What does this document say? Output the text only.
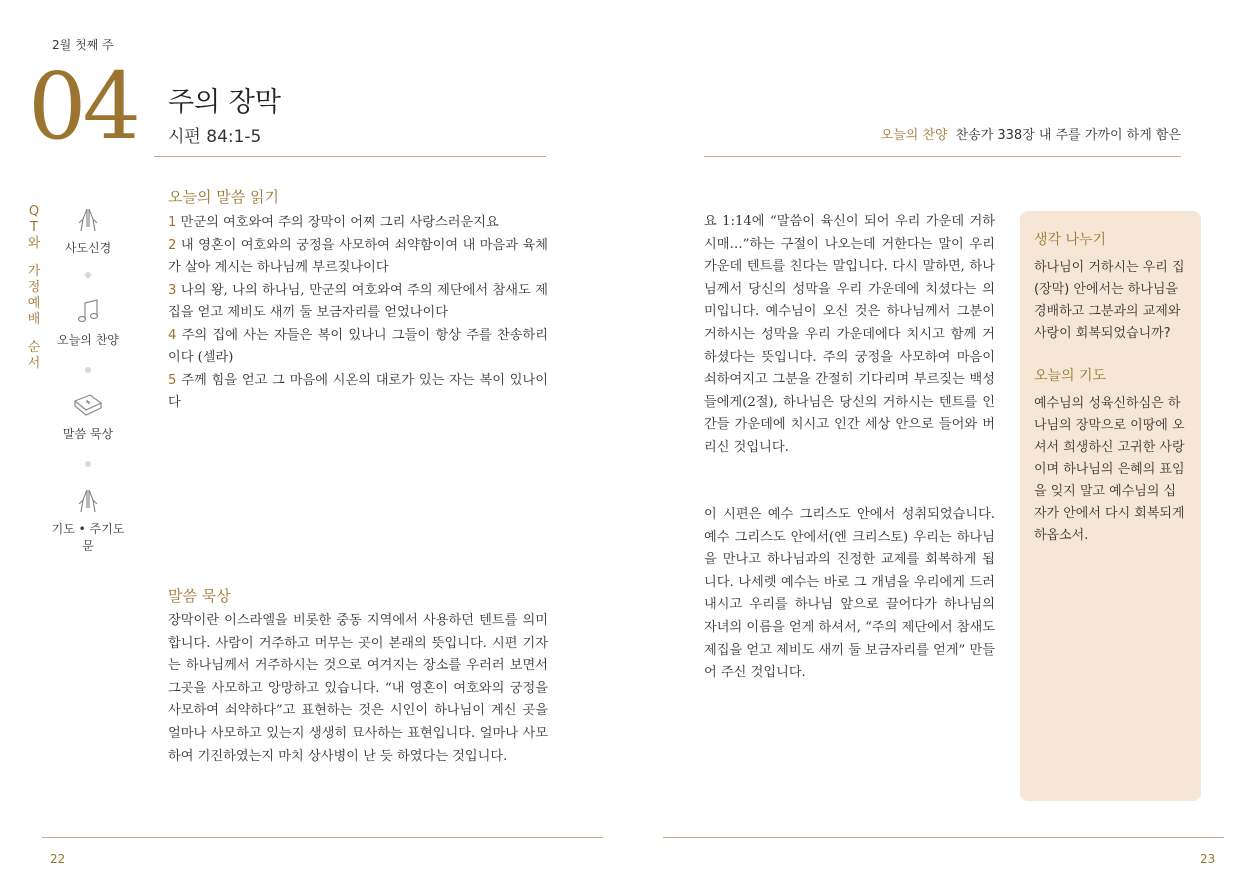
2월 첫째 주
04 주의 장막
시편 84:1-5
Q
T
와
가
정
예
배
순
서
사도신경
오늘의 찬양
말씀 묵상
기도 • 주기도문
오늘의 말씀 읽기
1 만군의 여호와여 주의 장막이 어찌 그리 사랑스러운지요
2 내 영혼이 여호와의 궁정을 사모하여 쇠약함이여 내 마음과 육체가 살아 계시는 하나님께 부르짖나이다
3 나의 왕, 나의 하나님, 만군의 여호와여 주의 제단에서 참새도 제 집을 얻고 제비도 새끼 둘 보금자리를 얻었나이다
4 주의 집에 사는 자들은 복이 있나니 그들이 항상 주를 찬송하리이다 (셀라)
5 주께 힘을 얻고 그 마음에 시온의 대로가 있는 자는 복이 있나이다
말씀 묵상
장막이란 이스라엘을 비롯한 중동 지역에서 사용하던 텐트를 의미합니다. 사람이 거주하고 머무는 곳이 본래의 뜻입니다. 시편 기자는 하나님께서 거주하시는 것으로 여겨지는 장소를 우러러 보면서 그곳을 사모하고 앙망하고 있습니다. “내 영혼이 여호와의 궁정을 사모하여 쇠약하다”고 표현하는 것은 시인이 하나님이 계신 곳을 얼마나 사모하고 있는지 생생히 묘사하는 표현입니다. 얼마나 사모하여 기진하였는지 마치 상사병이 난 듯 하였다는 것입니다.
22
오늘의 찬양 찬송가 338장 내 주를 가까이 하게 함은
요 1:14에 “말씀이 육신이 되어 우리 가운데 거하시매…”하는 구절이 나오는데 거한다는 말이 우리 가운데 텐트를 친다는 말입니다. 다시 말하면, 하나님께서 당신의 성막을 우리 가운데에 치셨다는 의미입니다. 예수님이 오신 것은 하나님께서 그분이 거하시는 성막을 우리 가운데에다 치시고 함께 거하셨다는 뜻입니다. 주의 궁정을 사모하여 마음이 쇠하여지고 그분을 간절히 기다리며 부르짖는 백성들에게(2절), 하나님은 당신의 거하시는 텐트를 인간들 가운데에 치시고 인간 세상 안으로 들어와 버리신 것입니다.
이 시편은 예수 그리스도 안에서 성취되었습니다. 예수 그리스도 안에서(엔 크리스토) 우리는 하나님을 만나고 하나님과의 진정한 교제를 회복하게 됩니다. 나세렛 예수는 바로 그 개념을 우리에게 드러내시고 우리를 하나님 앞으로 끌어다가 하나님의 자녀의 이름을 얻게 하셔서, “주의 제단에서 참새도 제집을 얻고 제비도 새끼 둘 보금자리를 얻게” 만들어 주신 것입니다.
생각 나누기
하나님이 거하시는 우리 집(장막) 안에서는 하나님을 경배하고 그분과의 교제와 사랑이 회복되었습니까?
오늘의 기도
예수님의 성육신하심은 하나님의 장막으로 이땅에 오셔서 희생하신 고귀한 사랑이며 하나님의 은혜의 표임을 잊지 말고 예수님의 십자가 안에서 다시 회복되게 하옵소서.
23
